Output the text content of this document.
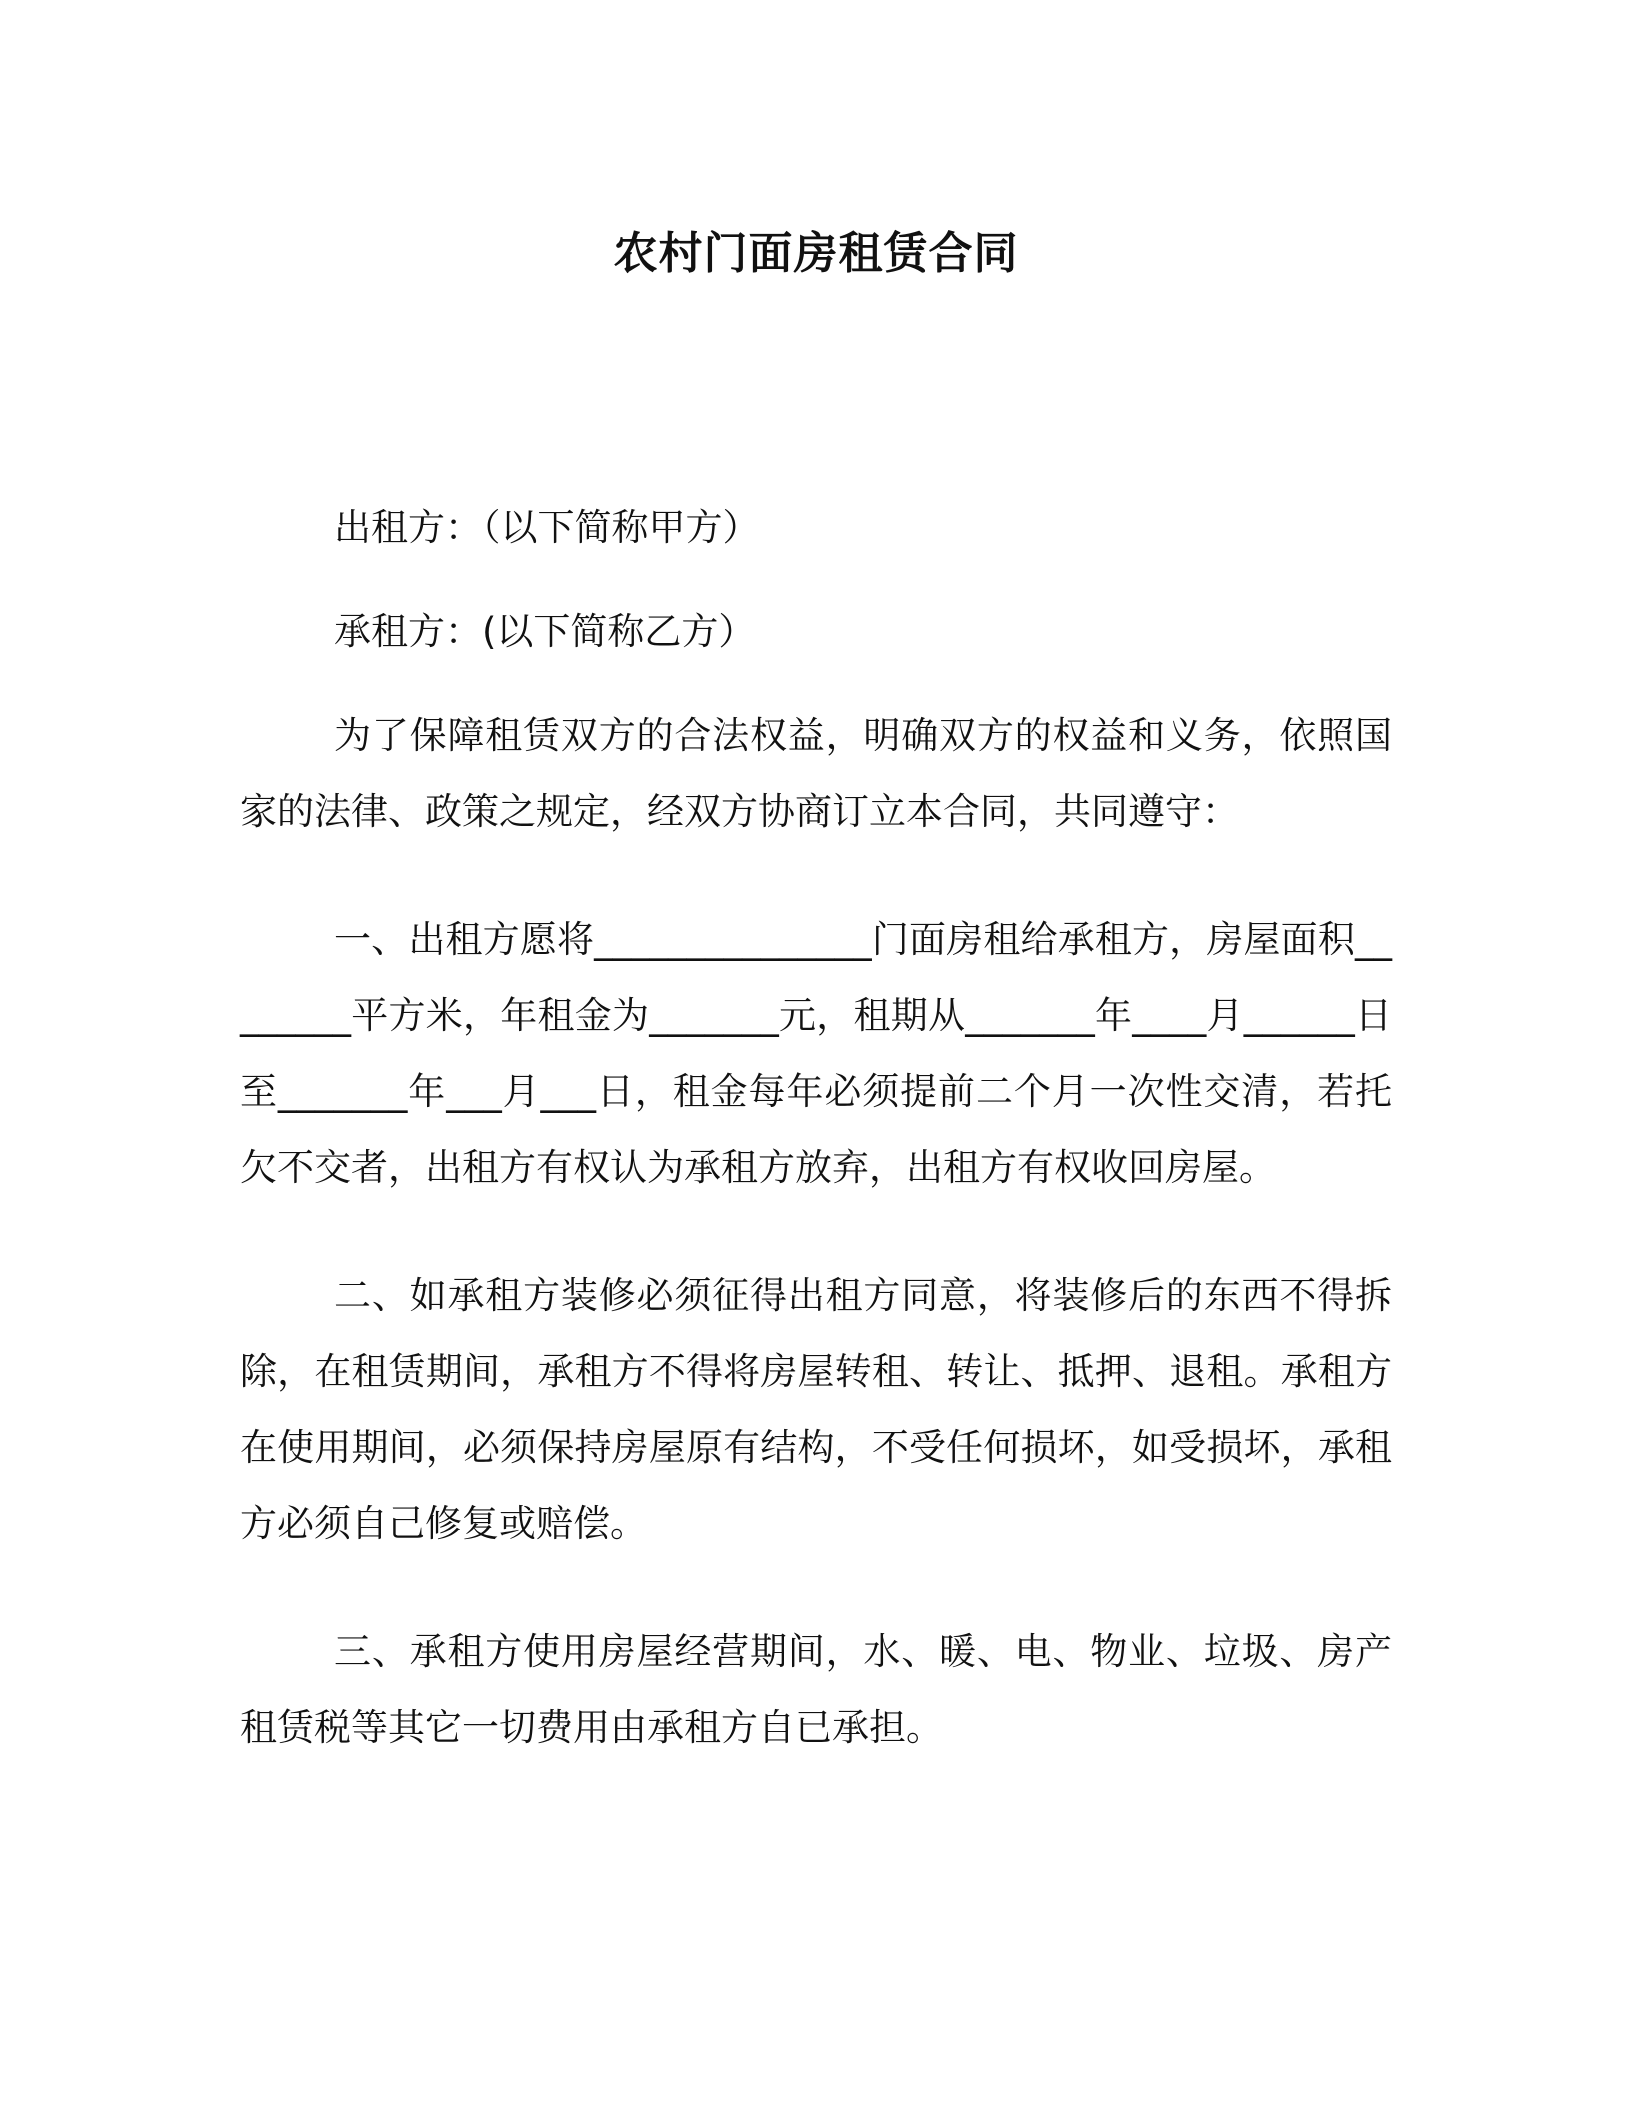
农村门面房租赁合同

出租方：（以下简称甲方）

承租方：(以下简称乙方）

为了保障租赁双方的合法权益，明确双方的权益和义务，依照国家的法律、政策之规定，经双方协商订立本合同，共同遵守：

一、出租方愿将_______________门面房租给承租方，房屋面积________平方米，年租金为_______元，租期从_______年____月______日至_______年___月___日，租金每年必须提前二个月一次性交清，若托欠不交者，出租方有权认为承租方放弃，出租方有权收回房屋。

二、如承租方装修必须征得出租方同意，将装修后的东西不得拆除，在租赁期间，承租方不得将房屋转租、转让、抵押、退租。承租方在使用期间，必须保持房屋原有结构，不受任何损坏，如受损坏，承租方必须自己修复或赔偿。

三、承租方使用房屋经营期间，水、暖、电、物业、垃圾、房产租赁税等其它一切费用由承租方自已承担。
